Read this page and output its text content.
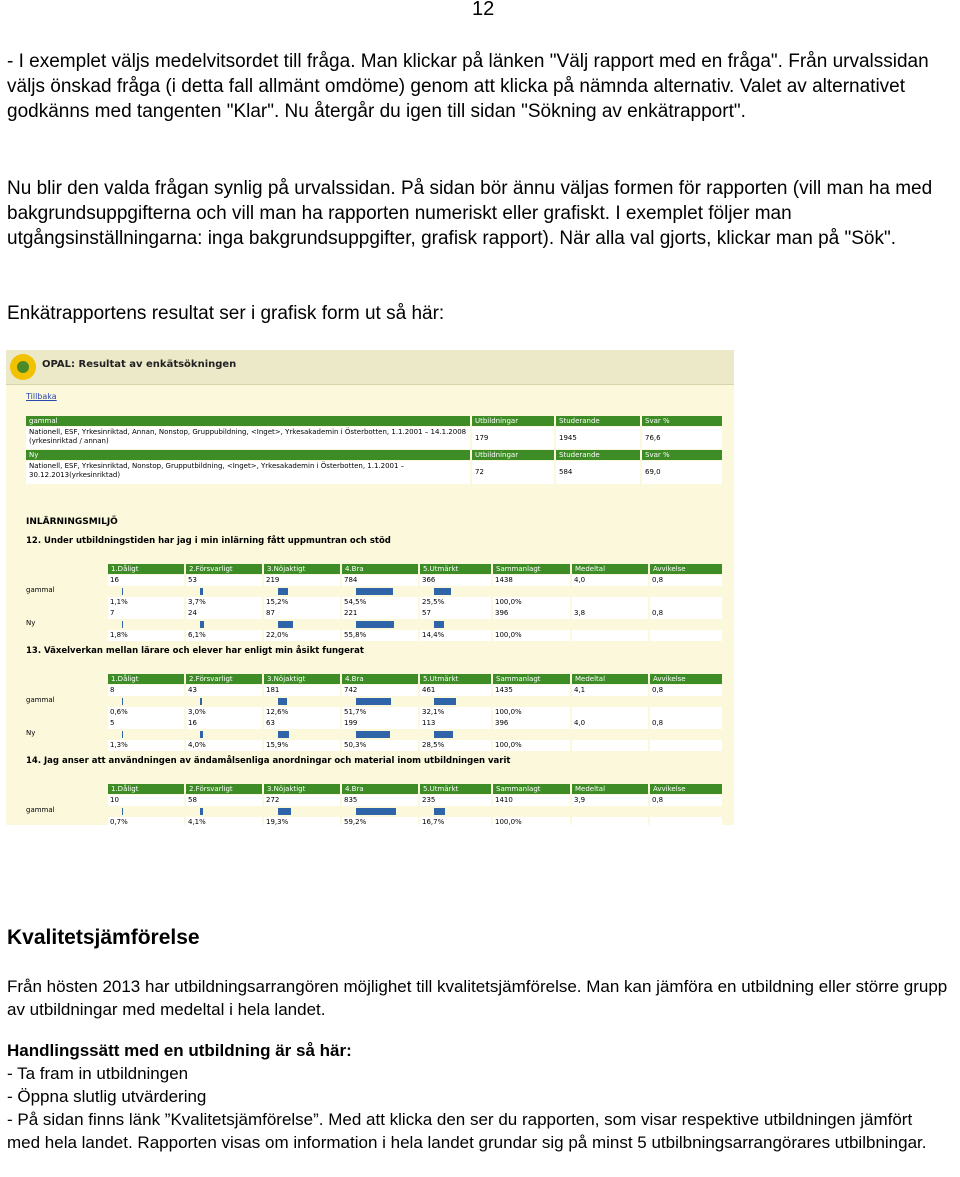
12

- I exemplet väljs medelvitsordet till fråga. Man klickar på länken "Välj rapport med en fråga". Från urvalssidan väljs önskad fråga (i detta fall allmänt omdöme) genom att klicka på nämnda alternativ. Valet av alternativet godkänns med tangenten "Klar". Nu återgår du igen till sidan "Sökning av enkätrapport".

Nu blir den valda frågan synlig på urvalssidan. På sidan bör ännu väljas formen för rapporten (vill man ha med bakgrundsuppgifterna och vill man ha rapporten numeriskt eller grafiskt. I exemplet följer man utgångsinställningarna: inga bakgrundsuppgifter, grafisk rapport). När alla val gjorts, klickar man på "Sök".

Enkätrapportens resultat ser i grafisk form ut så här:

OPAL: Resultat av enkätsökningen
Tillbaka
gammal	Utbildningar	Studerande	Svar %
Nationell, ESF, Yrkesinriktad, Annan, Nonstop, Gruppubildning, <Inget>, Yrkesakademin i Österbotten, 1.1.2001 – 14.1.2008 (yrkesinriktad / annan)	179	1945	76,6
Ny	Utbildningar	Studerande	Svar %
Nationell, ESF, Yrkesinriktad, Nonstop, Grupputbildning, <Inget>, Yrkesakademin i Österbotten, 1.1.2001 – 30.12.2013(yrkesinriktad)	72	584	69,0
INLÄRNINGSMILJÖ
12. Under utbildningstiden har jag i min inlärning fått uppmuntran och stöd
1.Dåligt	2.Försvarligt	3.Nöjaktigt	4.Bra	5.Utmärkt	Sammanlagt	Medeltal	Avvikelse
gammal
16	53	219	784	366	1438	4,0	0,8
1,1%	3,7%	15,2%	54,5%	25,5%	100,0%
Ny
7	24	87	221	57	396	3,8	0,8
1,8%	6,1%	22,0%	55,8%	14,4%	100,0%
13. Växelverkan mellan lärare och elever har enligt min åsikt fungerat
1.Dåligt	2.Försvarligt	3.Nöjaktigt	4.Bra	5.Utmärkt	Sammanlagt	Medeltal	Avvikelse
gammal
8	43	181	742	461	1435	4,1	0,8
0,6%	3,0%	12,6%	51,7%	32,1%	100,0%
Ny
5	16	63	199	113	396	4,0	0,8
1,3%	4,0%	15,9%	50,3%	28,5%	100,0%
14. Jag anser att användningen av ändamålsenliga anordningar och material inom utbildningen varit
1.Dåligt	2.Försvarligt	3.Nöjaktigt	4.Bra	5.Utmärkt	Sammanlagt	Medeltal	Avvikelse
gammal
10	58	272	835	235	1410	3,9	0,8
0,7%	4,1%	19,3%	59,2%	16,7%	100,0%
Kvalitetsjämförelse

Från hösten 2013 har utbildningsarrangören möjlighet till kvalitetsjämförelse. Man kan jämföra en utbildning eller större grupp av utbildningar med medeltal i hela landet.

Handlingssätt med en utbildning är så här:

- Ta fram in utbildningen

- Öppna slutlig utvärdering

- På sidan finns länk ”Kvalitetsjämförelse”. Med att klicka den ser du rapporten, som visar respektive utbildningen jämfört med hela landet. Rapporten visas om information i hela landet grundar sig på minst 5 utbilbningsarrangörares utbilbningar.
